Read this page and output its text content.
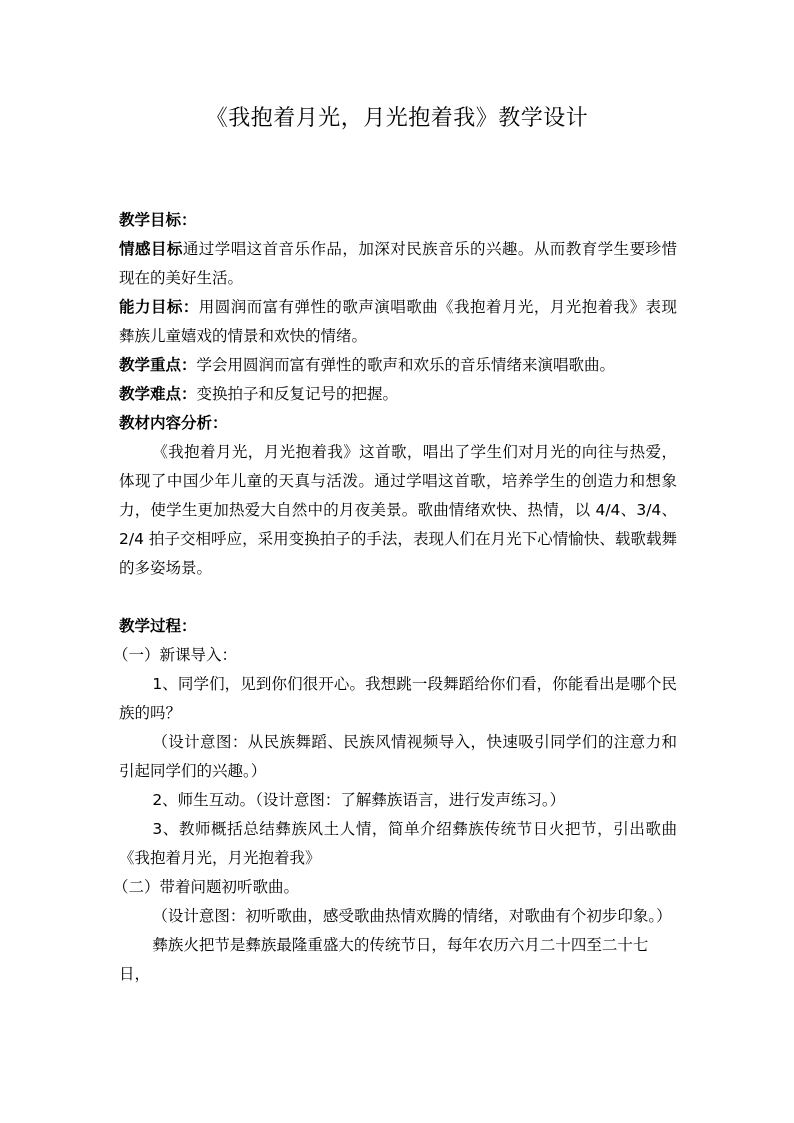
《我抱着月光，月光抱着我》教学设计

教学目标：

情感目标通过学唱这首音乐作品，加深对民族音乐的兴趣。从而教育学生要珍惜现在的美好生活。

能力目标：用圆润而富有弹性的歌声演唱歌曲《我抱着月光，月光抱着我》表现彝族儿童嬉戏的情景和欢快的情绪。

教学重点：学会用圆润而富有弹性的歌声和欢乐的音乐情绪来演唱歌曲。

教学难点：变换拍子和反复记号的把握。

教材内容分析：

《我抱着月光，月光抱着我》这首歌，唱出了学生们对月光的向往与热爱，体现了中国少年儿童的天真与活泼。通过学唱这首歌，培养学生的创造力和想象力，使学生更加热爱大自然中的月夜美景。歌曲情绪欢快、热情，以 4/4、3/4、2/4 拍子交相呼应，采用变换拍子的手法，表现人们在月光下心情愉快、载歌载舞的多姿场景。

教学过程：

（一）新课导入：

1、同学们，见到你们很开心。我想跳一段舞蹈给你们看，你能看出是哪个民族的吗？

（设计意图：从民族舞蹈、民族风情视频导入，快速吸引同学们的注意力和引起同学们的兴趣。）

2、师生互动。（设计意图：了解彝族语言，进行发声练习。）

3、教师概括总结彝族风土人情，简单介绍彝族传统节日火把节，引出歌曲《我抱着月光，月光抱着我》

（二）带着问题初听歌曲。

（设计意图：初听歌曲，感受歌曲热情欢腾的情绪，对歌曲有个初步印象。）

彝族火把节是彝族最隆重盛大的传统节日，每年农历六月二十四至二十七日，
